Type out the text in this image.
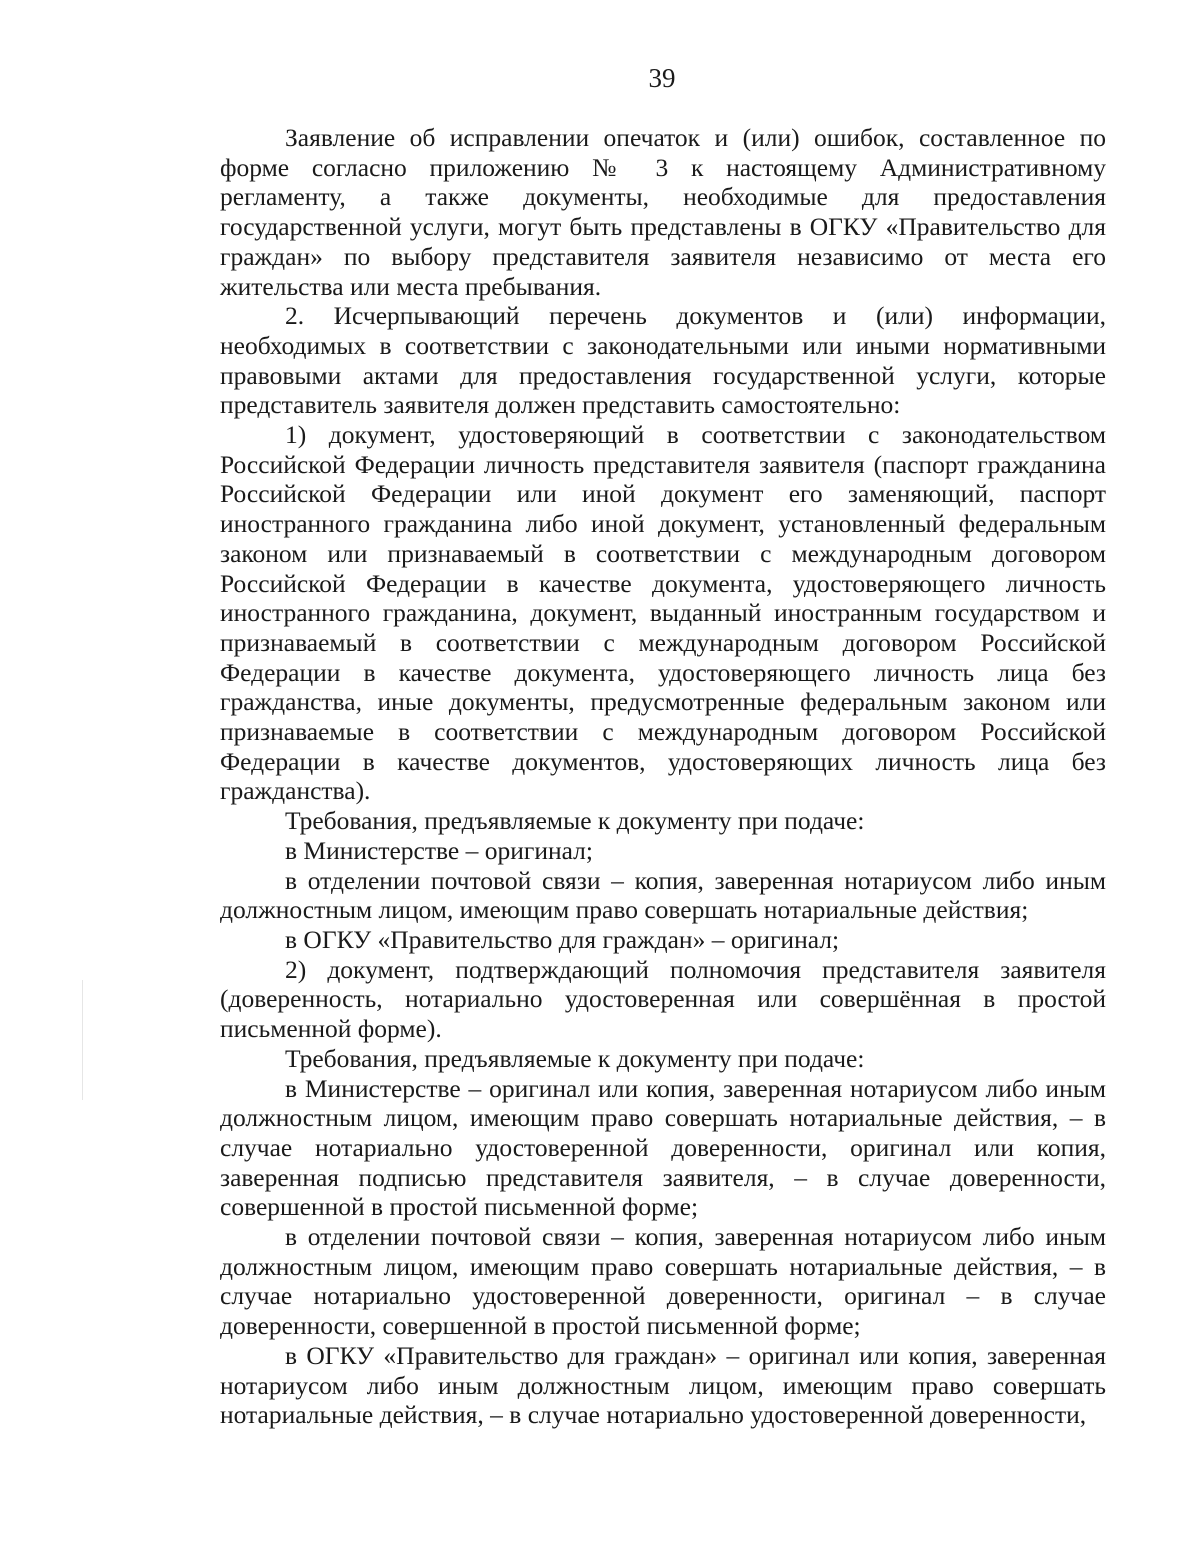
39

Заявление об исправлении опечаток и (или) ошибок, составленное по форме согласно приложению № 3 к настоящему Административному регламенту, а также документы, необходимые для предоставления государственной услуги, могут быть представлены в ОГКУ «Правительство для граждан» по выбору представителя заявителя независимо от места его жительства или места пребывания.

2. Исчерпывающий перечень документов и (или) информации, необходимых в соответствии с законодательными или иными нормативными правовыми актами для предоставления государственной услуги, которые представитель заявителя должен представить самостоятельно:

1) документ, удостоверяющий в соответствии с законодательством Российской Федерации личность представителя заявителя (паспорт гражданина Российской Федерации или иной документ его заменяющий, паспорт иностранного гражданина либо иной документ, установленный федеральным законом или признаваемый в соответствии с международным договором Российской Федерации в качестве документа, удостоверяющего личность иностранного гражданина, документ, выданный иностранным государством и признаваемый в соответствии с международным договором Российской Федерации в качестве документа, удостоверяющего личность лица без гражданства, иные документы, предусмотренные федеральным законом или признаваемые в соответствии с международным договором Российской Федерации в качестве документов, удостоверяющих личность лица без гражданства).

Требования, предъявляемые к документу при подаче:

в Министерстве – оригинал;

в отделении почтовой связи – копия, заверенная нотариусом либо иным должностным лицом, имеющим право совершать нотариальные действия;

в ОГКУ «Правительство для граждан» – оригинал;

2) документ, подтверждающий полномочия представителя заявителя (доверенность, нотариально удостоверенная или совершённая в простой письменной форме).

Требования, предъявляемые к документу при подаче:

в Министерстве – оригинал или копия, заверенная нотариусом либо иным должностным лицом, имеющим право совершать нотариальные действия, – в случае нотариально удостоверенной доверенности, оригинал или копия, заверенная подписью представителя заявителя, – в случае доверенности, совершенной в простой письменной форме;

в отделении почтовой связи – копия, заверенная нотариусом либо иным должностным лицом, имеющим право совершать нотариальные действия, – в случае нотариально удостоверенной доверенности, оригинал – в случае доверенности, совершенной в простой письменной форме;

в ОГКУ «Правительство для граждан» – оригинал или копия, заверенная нотариусом либо иным должностным лицом, имеющим право совершать нотариальные действия, – в случае нотариально удостоверенной доверенности,
